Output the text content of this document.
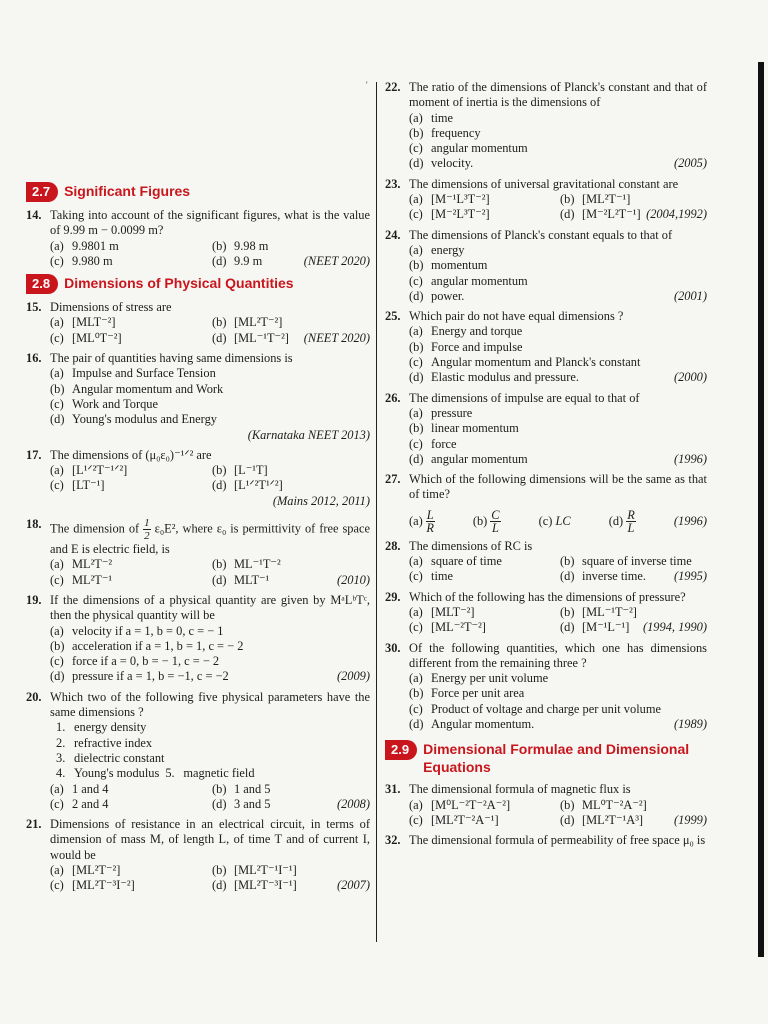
'
2.7	Significant Figures
14. Taking into account of the significant figures, what is the value of 9.99 m − 0.0099 m?
(a) 9.9801 m	(b) 9.98 m
(c) 9.980 m	(d) 9.9 m	(NEET 2020)
2.8	Dimensions of Physical Quantities
15. Dimensions of stress are
(a) [MLT⁻²]	(b) [ML²T⁻²]
(c) [ML⁰T⁻²]	(d) [ML⁻¹T⁻²] (NEET 2020)
16. The pair of quantities having same dimensions is
(a) Impulse and Surface Tension
(b) Angular momentum and Work
(c) Work and Torque
(d) Young's modulus and Energy
(Karnataka NEET 2013)
17. The dimensions of (μ₀ε₀)⁻¹ᐟ² are
(a) [L¹ᐟ²T⁻¹ᐟ²]	(b) [L⁻¹T]
(c) [LT⁻¹]	(d) [L¹ᐟ²T¹ᐟ²]
(Mains 2012, 2011)
18. The dimension of $\frac{1}{2} \varepsilon_0E^2$, where ε₀ is permittivity of free space and E is electric field, is
(a) ML²T⁻²	(b) ML⁻¹T⁻²
(c) ML²T⁻¹	(d) MLT⁻¹	(2010)
19. If the dimensions of a physical quantity are given by MᵃLᵇTᶜ, then the physical quantity will be
(a) velocity if a = 1, b = 0, c = − 1
(b) acceleration if a = 1, b = 1, c = − 2
(c) force if a = 0, b = − 1, c = − 2
(d) pressure if a = 1, b = −1, c = −2	(2009)
20. Which two of the following five physical parameters have the same dimensions ?
1. energy density
2. refractive index
3. dielectric constant
4. Young's modulus 5. magnetic field
(a) 1 and 4	(b) 1 and 5
(c) 2 and 4	(d) 3 and 5	(2008)
21. Dimensions of resistance in an electrical circuit, in terms of dimension of mass M, of length L, of time T and of current I, would be
(a) [ML²T⁻²]	(b) [ML²T⁻¹I⁻¹]
(c) [ML²T⁻³I⁻²]	(d) [ML²T⁻³I⁻¹]	(2007)
22. The ratio of the dimensions of Planck's constant and that of moment of inertia is the dimensions of
(a) time
(b) frequency
(c) angular momentum
(d) velocity.	(2005)
23. The dimensions of universal gravitational constant are
(a) [M⁻¹L³T⁻²]	(b) [ML²T⁻¹]
(c) [M⁻²L³T⁻²]	(d) [M⁻²L²T⁻¹] (2004,1992)
24. The dimensions of Planck's constant equals to that of
(a) energy
(b) momentum
(c) angular momentum
(d) power.	(2001)
25. Which pair do not have equal dimensions ?
(a) Energy and torque
(b) Force and impulse
(c) Angular momentum and Planck's constant
(d) Elastic modulus and pressure.	(2000)
26. The dimensions of impulse are equal to that of
(a) pressure
(b) linear momentum
(c) force
(d) angular momentum	(1996)
27. Which of the following dimensions will be the same as that of time?
$(a) \frac{L}{R}$	$(b) \frac{C}{L}$	(c) LC	$(d) \frac{R}{L}$	(1996)
28. The dimensions of RC is
(a) square of time	(b) square of inverse time
(c) time	(d) inverse time. (1995)
29. Which of the following has the dimensions of pressure?
(a) [MLT⁻²]	(b) [ML⁻¹T⁻²]
(c) [ML⁻²T⁻²]	(d) [M⁻¹L⁻¹] (1994, 1990)
30. Of the following quantities, which one has dimensions different from the remaining three ?
(a) Energy per unit volume
(b) Force per unit area
(c) Product of voltage and charge per unit volume
(d) Angular momentum.	(1989)
2.9	Dimensional Formulae and Dimensional
Equations
31. The dimensional formula of magnetic flux is
(a) [M⁰L⁻²T⁻²A⁻²]	(b) ML⁰T⁻²A⁻²]
(c) [ML²T⁻²A⁻¹]	(d) [ML²T⁻¹A³] (1999)
32. The dimensional formula of permeability of free space μ₀ is
